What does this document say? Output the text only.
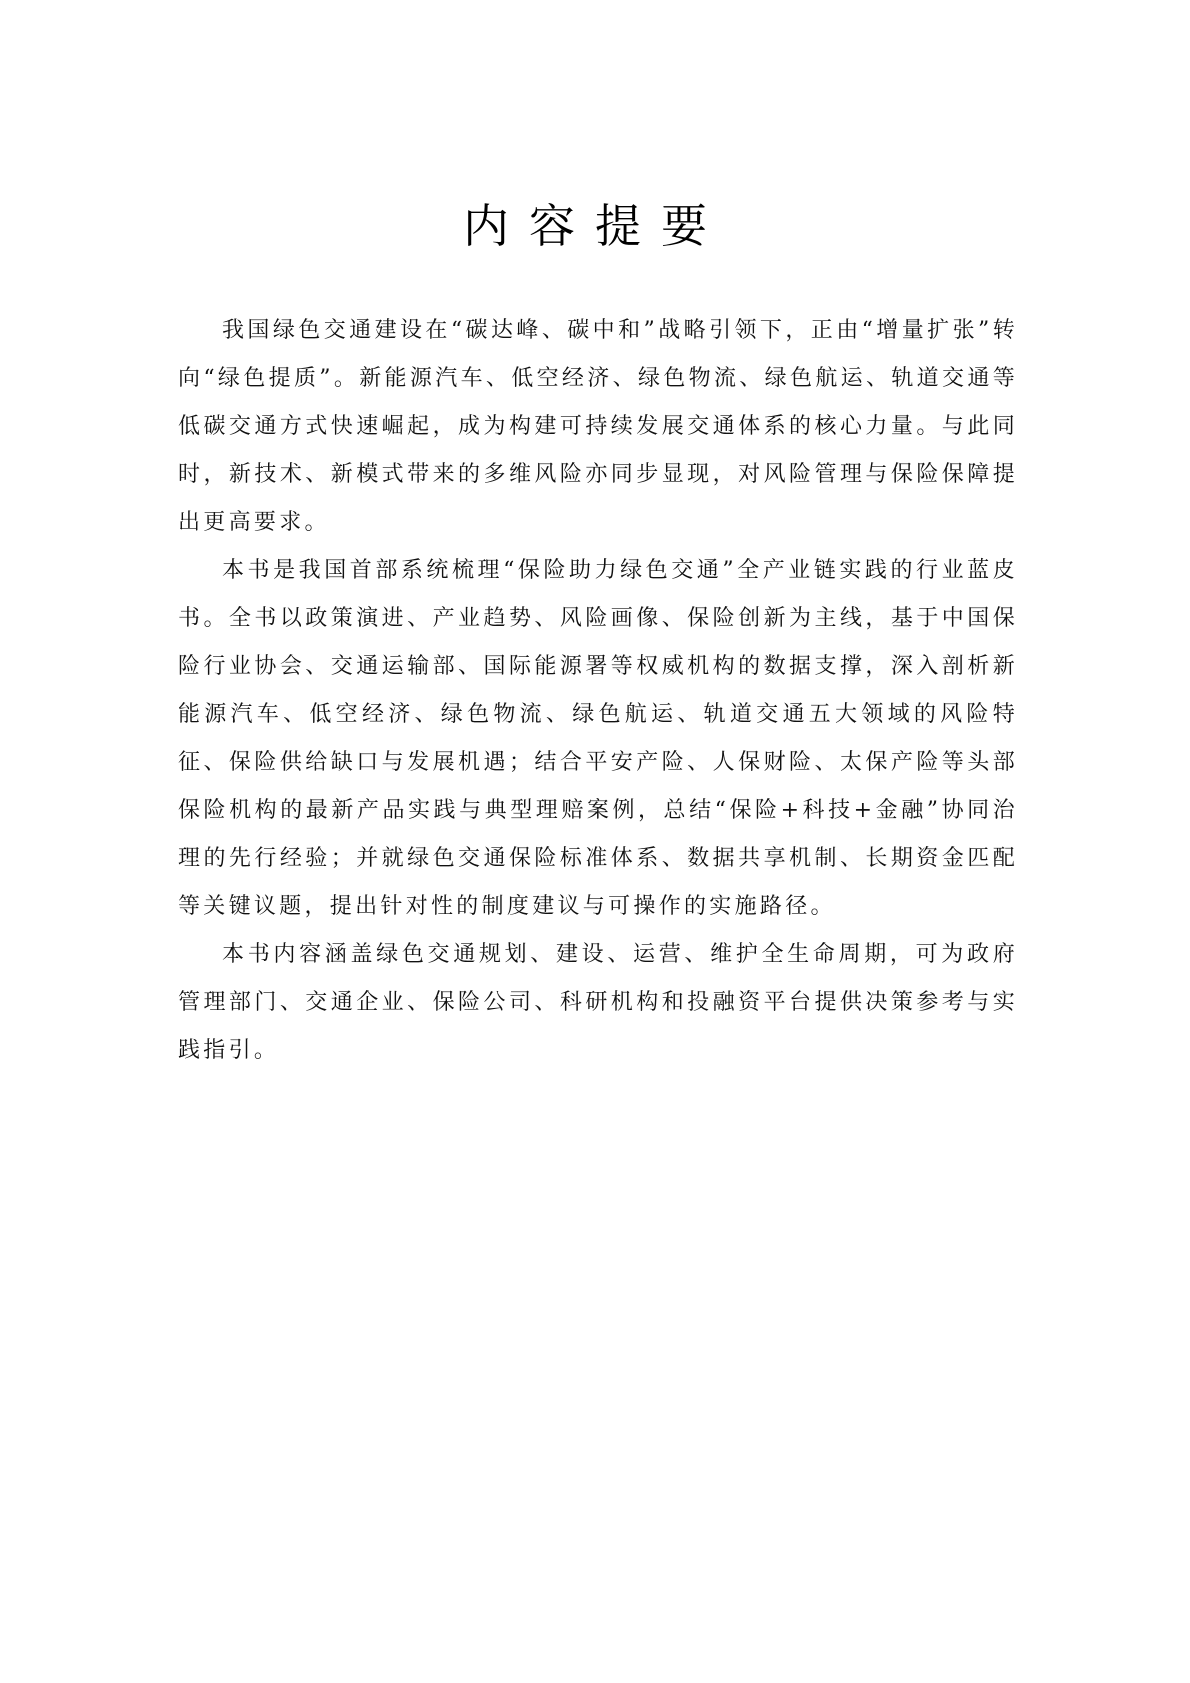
内容提要

我国绿色交通建设在“碳达峰、碳中和”战略引领下，正由“增量扩张”转向“绿色提质”。新能源汽车、低空经济、绿色物流、绿色航运、轨道交通等低碳交通方式快速崛起，成为构建可持续发展交通体系的核心力量。与此同时，新技术、新模式带来的多维风险亦同步显现，对风险管理与保险保障提出更高要求。

本书是我国首部系统梳理“保险助力绿色交通”全产业链实践的行业蓝皮书。全书以政策演进、产业趋势、风险画像、保险创新为主线，基于中国保险行业协会、交通运输部、国际能源署等权威机构的数据支撑，深入剖析新能源汽车、低空经济、绿色物流、绿色航运、轨道交通五大领域的风险特征、保险供给缺口与发展机遇；结合平安产险、人保财险、太保产险等头部保险机构的最新产品实践与典型理赔案例，总结“保险+科技+金融”协同治理的先行经验；并就绿色交通保险标准体系、数据共享机制、长期资金匹配等关键议题，提出针对性的制度建议与可操作的实施路径。

本书内容涵盖绿色交通规划、建设、运营、维护全生命周期，可为政府管理部门、交通企业、保险公司、科研机构和投融资平台提供决策参考与实践指引。
